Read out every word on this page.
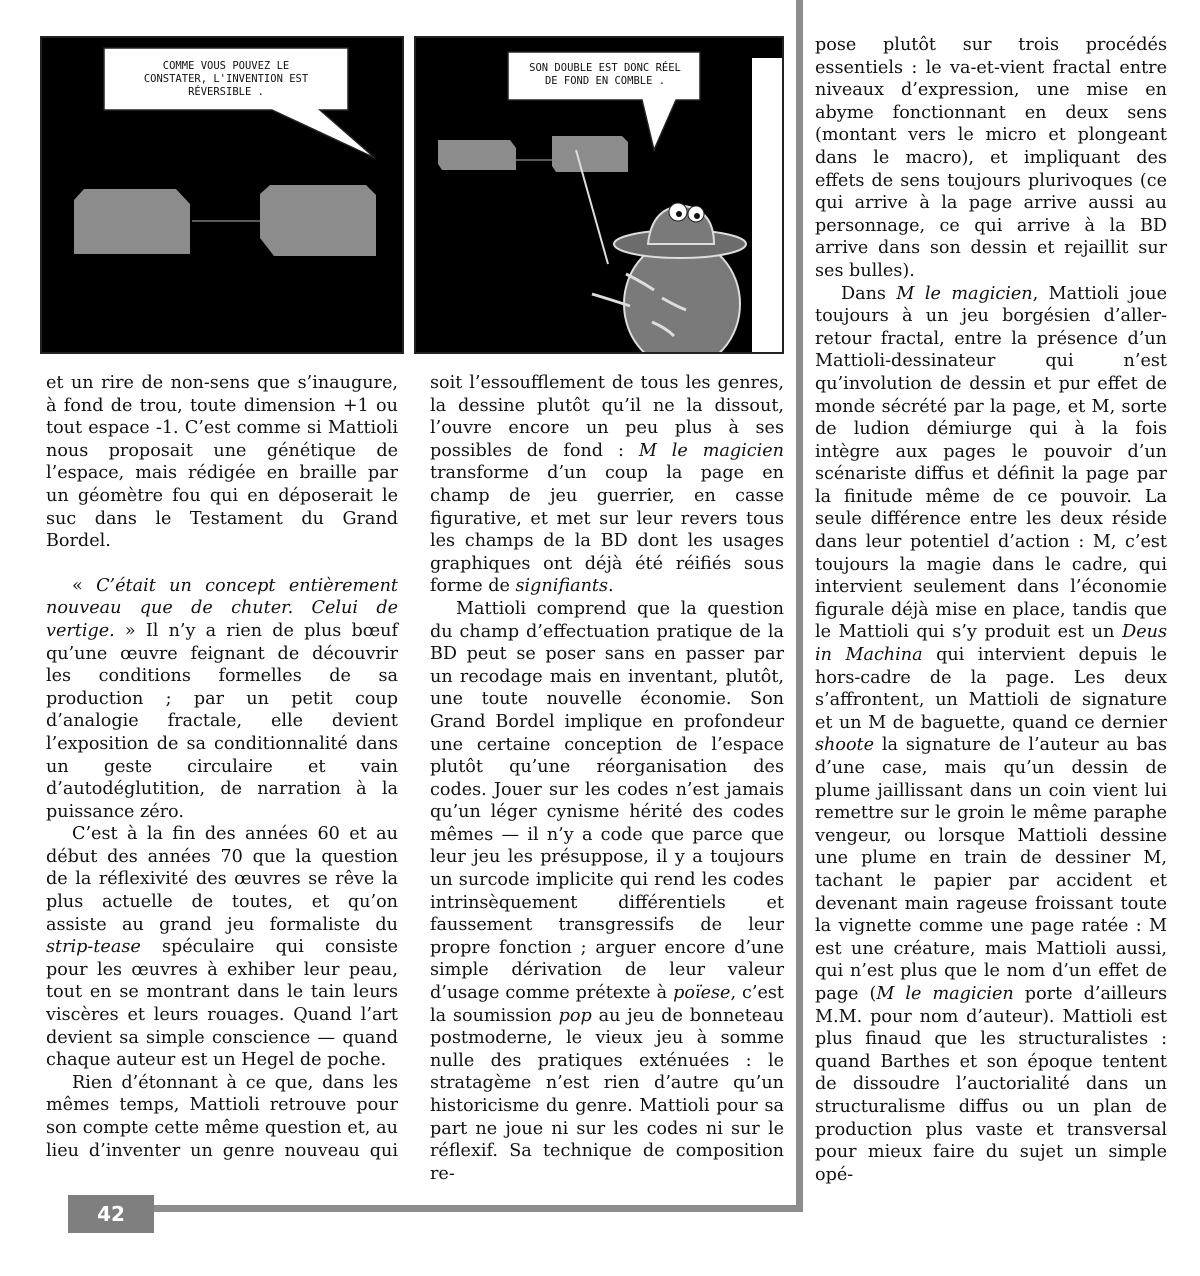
COMME VOUS POUVEZ LE
CONSTATER, L'INVENTION EST
RÉVERSIBLE .
SON DOUBLE EST DONC RÉEL
DE FOND EN COMBLE .

et un rire de non-sens que s’inaugure, à fond de trou, toute dimension +1 ou tout espace -1. C’est comme si Mattioli nous proposait une génétique de l’espace, mais rédigée en braille par un géomètre fou qui en déposerait le suc dans le Testament du Grand Bordel.

« C’était un concept entièrement nouveau que de chuter. Celui de vertige. » Il n’y a rien de plus bœuf qu’une œuvre feignant de découvrir les conditions formelles de sa production ; par un petit coup d’analogie fractale, elle devient l’exposition de sa conditionnalité dans un geste circulaire et vain d’autodéglutition, de narration à la puissance zéro.

C’est à la fin des années 60 et au début des années 70 que la question de la réflexivité des œuvres se rêve la plus actuelle de toutes, et qu’on assiste au grand jeu formaliste du strip-tease spéculaire qui consiste pour les œuvres à exhiber leur peau, tout en se montrant dans le tain leurs viscères et leurs rouages. Quand l’art devient sa simple conscience — quand chaque auteur est un Hegel de poche.

Rien d’étonnant à ce que, dans les mêmes temps, Mattioli retrouve pour son compte cette même question et, au lieu d’inventer un genre nouveau qui

soit l’essoufflement de tous les genres, la dessine plutôt qu’il ne la dissout, l’ouvre encore un peu plus à ses possibles de fond : M le magicien transforme d’un coup la page en champ de jeu guerrier, en casse figurative, et met sur leur revers tous les champs de la BD dont les usages graphiques ont déjà été réifiés sous forme de signifiants.

Mattioli comprend que la question du champ d’effectuation pratique de la BD peut se poser sans en passer par un recodage mais en inventant, plutôt, une toute nouvelle économie. Son Grand Bordel implique en profondeur une certaine conception de l’espace plutôt qu’une réorganisation des codes. Jouer sur les codes n’est jamais qu’un léger cynisme hérité des codes mêmes — il n’y a code que parce que leur jeu les présuppose, il y a toujours un surcode implicite qui rend les codes intrinsèquement différentiels et faussement transgressifs de leur propre fonction ; arguer encore d’une simple dérivation de leur valeur d’usage comme prétexte à poïese, c’est la soumission pop au jeu de bonneteau postmoderne, le vieux jeu à somme nulle des pratiques exténuées : le stratagème n’est rien d’autre qu’un historicisme du genre. Mattioli pour sa part ne joue ni sur les codes ni sur le réflexif. Sa technique de composition re-

pose plutôt sur trois procédés essentiels : le va-et-vient fractal entre niveaux d’expression, une mise en abyme fonctionnant en deux sens (montant vers le micro et plongeant dans le macro), et impliquant des effets de sens toujours plurivoques (ce qui arrive à la page arrive aussi au personnage, ce qui arrive à la BD arrive dans son dessin et rejaillit sur ses bulles).

Dans M le magicien, Mattioli joue toujours à un jeu borgésien d’aller-retour fractal, entre la présence d’un Mattioli-dessinateur qui n’est qu’involution de dessin et pur effet de monde sécrété par la page, et M, sorte de ludion démiurge qui à la fois intègre aux pages le pouvoir d’un scénariste diffus et définit la page par la finitude même de ce pouvoir. La seule différence entre les deux réside dans leur potentiel d’action : M, c’est toujours la magie dans le cadre, qui intervient seulement dans l’économie figurale déjà mise en place, tandis que le Mattioli qui s’y produit est un Deus in Machina qui intervient depuis le hors-cadre de la page. Les deux s’affrontent, un Mattioli de signature et un M de baguette, quand ce dernier shoote la signature de l’auteur au bas d’une case, mais qu’un dessin de plume jaillissant dans un coin vient lui remettre sur le groin le même paraphe vengeur, ou lorsque Mattioli dessine une plume en train de dessiner M, tachant le papier par accident et devenant main rageuse froissant toute la vignette comme une page ratée : M est une créature, mais Mattioli aussi, qui n’est plus que le nom d’un effet de page (M le magicien porte d’ailleurs M.M. pour nom d’auteur). Mattioli est plus finaud que les structuralistes : quand Barthes et son époque tentent de dissoudre l’auctorialité dans un structuralisme diffus ou un plan de production plus vaste et transversal pour mieux faire du sujet un simple opé-

42
